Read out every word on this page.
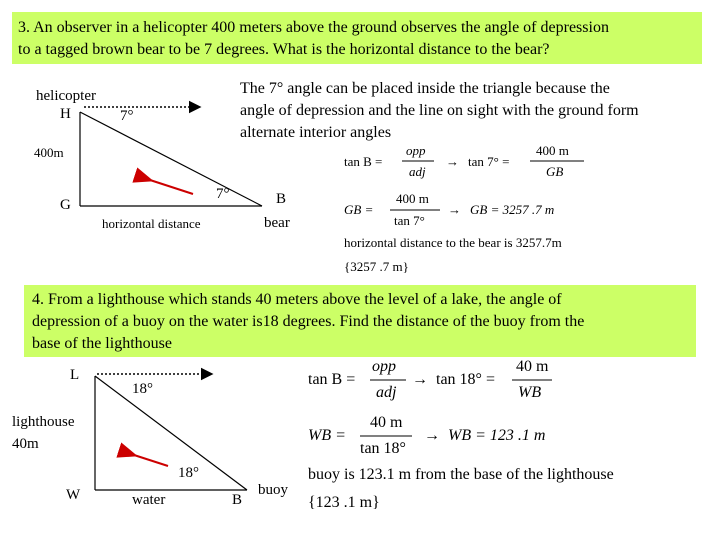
3. An observer in a helicopter 400 meters above the ground observes the angle of depression
to a tagged brown bear to be 7 degrees. What is the horizontal distance to the bear?
helicopter
H	7°
400m
G
7°	B
bear
horizontal distance
The 7° angle can be placed inside the triangle because the
angle of depression and the line on sight with the ground form
alternate interior angles
tan B =
opp
adj
→ tan 7° =
400 m
GB
GB =
400 m
tan 7°
→ GB = 3257 .7 m
horizontal distance to the bear is 3257.7m
{3257 .7 m}
4. From a lighthouse which stands 40 meters above the level of a lake, the angle of
depression of a buoy on the water is18 degrees. Find the distance of the buoy from the
base of the lighthouse
L
18°
lighthouse
40m
18°
W	water	B
buoy
tan B =
opp
adj
→ tan 18° =
40 m
WB
WB =
40 m
tan 18°
→ WB = 123 .1 m
buoy is 123.1 m from the base of the lighthouse
{123 .1 m}
